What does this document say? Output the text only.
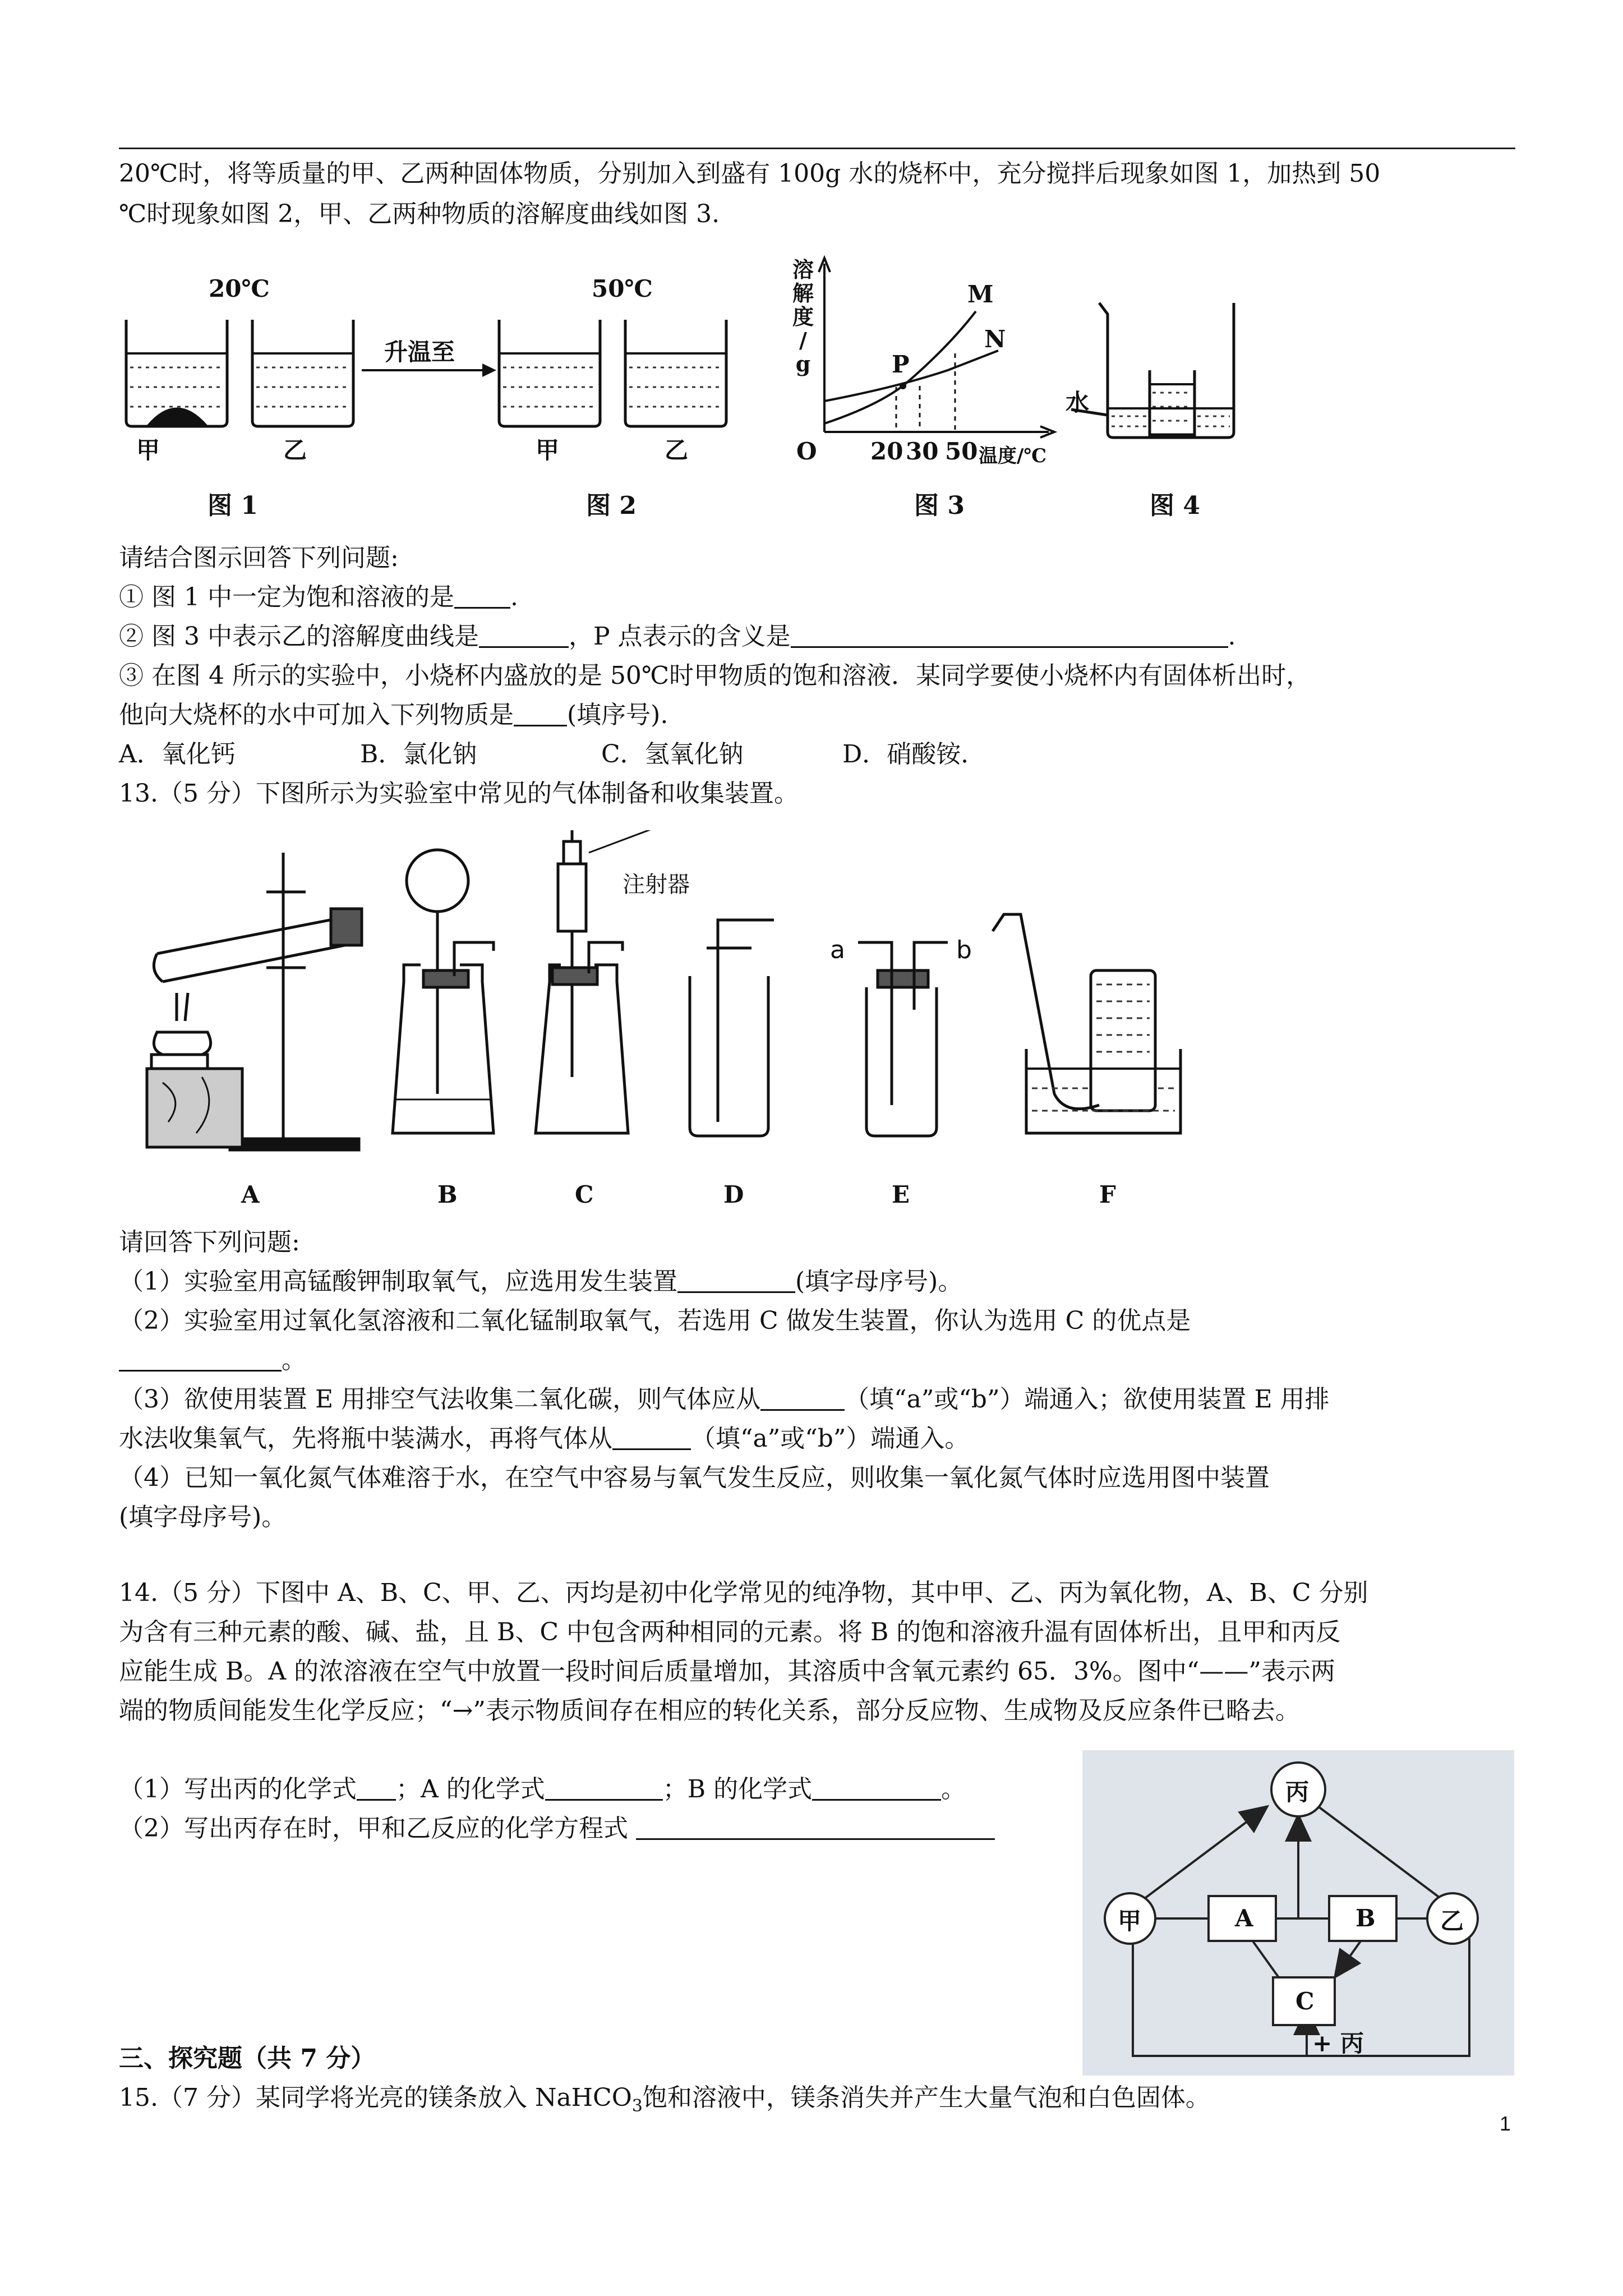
20℃时，将等质量的甲、乙两种固体物质，分别加入到盛有 100g 水的烧杯中，充分搅拌后现象如图 1，加热到 50
℃时现象如图 2，甲、乙两种物质的溶解度曲线如图 3.
20℃
甲	乙
升温至
50℃
甲	乙
溶
解
度
/
g
O 20 30 50 温度/℃
M
N
P
水
图 1	图 2	图 3	图 4
请结合图示回答下列问题:
① 图 1 中一定为饱和溶液的是 .
② 图 3 中表示乙的溶解度曲线是	，P 点表示的含义是	.
③ 在图 4 所示的实验中，小烧杯内盛放的是 50℃时甲物质的饱和溶液．某同学要使小烧杯内有固体析出时，
他向大烧杯的水中可加入下列物质是 (填序号).
A．氧化钙	B．氯化钠	C．氢氧化钠	D．硝酸铵．
13.（5 分）下图所示为实验室中常见的气体制备和收集装置。
注射器
a	b
A	B	C	D	E	F
请回答下列问题:
（1）实验室用高锰酸钾制取氧气，应选用发生装置	(填字母序号)。
（2）实验室用过氧化氢溶液和二氧化锰制取氧气，若选用 C 做发生装置，你认为选用 C 的优点是
。
（3）欲使用装置 E 用排空气法收集二氧化碳，则气体应从	（填“a”或“b”）端通入；欲使用装置 E 用排
水法收集氧气，先将瓶中装满水，再将气体从	（填“a”或“b”）端通入。
（4）已知一氧化氮气体难溶于水，在空气中容易与氧气发生反应，则收集一氧化氮气体时应选用图中装置
(填字母序号)。
14.（5 分）下图中 A、B、C、甲、乙、丙均是初中化学常见的纯净物，其中甲、乙、丙为氧化物，A、B、C 分别
为含有三种元素的酸、碱、盐，且 B、C 中包含两种相同的元素。将 B 的饱和溶液升温有固体析出，且甲和丙反
应能生成 B。A 的浓溶液在空气中放置一段时间后质量增加，其溶质中含氧元素约 65．3%。图中“——”表示两
端的物质间能发生化学反应；“→”表示物质间存在相应的转化关系，部分反应物、生成物及反应条件已略去。
（1）写出丙的化学式 ；A 的化学式	；B 的化学式	。
（2）写出丙存在时，甲和乙反应的化学方程式
丙
甲	乙
A	B
C
+ 丙
三、探究题（共 7 分）
15.（7 分）某同学将光亮的镁条放入 NaHCO$_3$饱和溶液中，镁条消失并产生大量气泡和白色固体。
1
